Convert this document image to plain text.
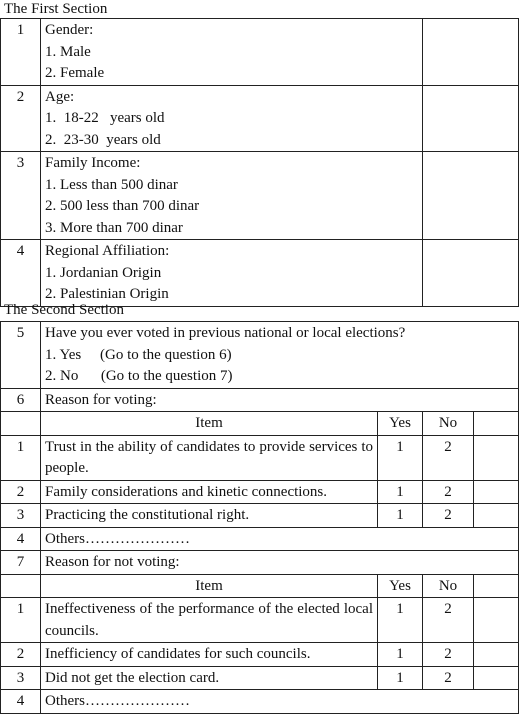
The First Section
1	Gender:
1. Male
2. Female	

2	Age:
1.  18-22   years old
2.  23-30  years old	

3	Family Income:
1. Less than 500 dinar
2. 500 less than 700 dinar
3. More than 700 dinar	

4	Regional Affiliation:
1. Jordanian Origin
2. Palestinian Origin	

The Second Section
5	Have you ever voted in previous national or local elections?
1. Yes     (Go to the question 6)
2. No      (Go to the question 7)			

6	Reason for voting:			
	Item	Yes	No	
1	Trust in the ability of candidates to provide services to people.	1	2	
2	Family considerations and kinetic connections.	1	2	
3	Practicing the constitutional right.	1	2	
4	Others…………………			
7	Reason for not voting:			
	Item	Yes	No	
1	Ineffectiveness of the performance of the elected local councils.	1	2	
2	Inefficiency of candidates for such councils.	1	2	
3	Did not get the election card.	1	2	
4	Others…………………			
